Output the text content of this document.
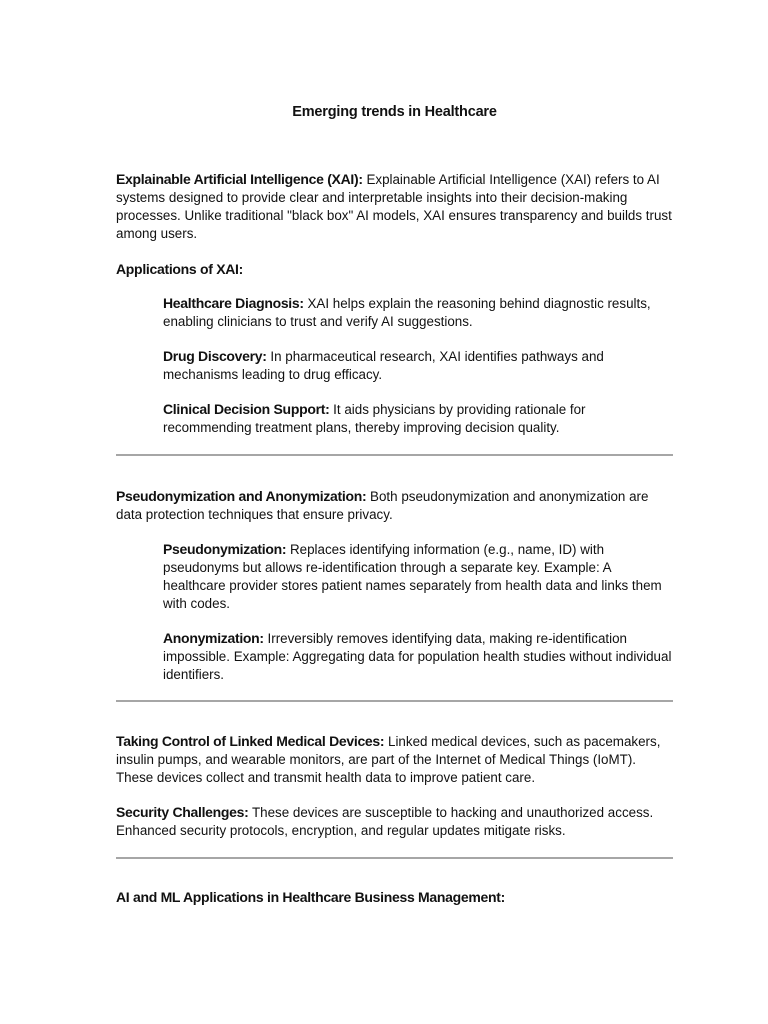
Emerging trends in Healthcare

Explainable Artificial Intelligence (XAI): Explainable Artificial Intelligence (XAI) refers to AI systems designed to provide clear and interpretable insights into their decision-making processes. Unlike traditional "black box" AI models, XAI ensures transparency and builds trust among users.

Applications of XAI:

Healthcare Diagnosis: XAI helps explain the reasoning behind diagnostic results, enabling clinicians to trust and verify AI suggestions.

Drug Discovery: In pharmaceutical research, XAI identifies pathways and mechanisms leading to drug efficacy.

Clinical Decision Support: It aids physicians by providing rationale for recommending treatment plans, thereby improving decision quality.

Pseudonymization and Anonymization: Both pseudonymization and anonymization are data protection techniques that ensure privacy.

Pseudonymization: Replaces identifying information (e.g., name, ID) with pseudonyms but allows re-identification through a separate key. Example: A healthcare provider stores patient names separately from health data and links them with codes.

Anonymization: Irreversibly removes identifying data, making re-identification impossible. Example: Aggregating data for population health studies without individual identifiers.

Taking Control of Linked Medical Devices: Linked medical devices, such as pacemakers, insulin pumps, and wearable monitors, are part of the Internet of Medical Things (IoMT). These devices collect and transmit health data to improve patient care.

Security Challenges: These devices are susceptible to hacking and unauthorized access. Enhanced security protocols, encryption, and regular updates mitigate risks.

AI and ML Applications in Healthcare Business Management:
